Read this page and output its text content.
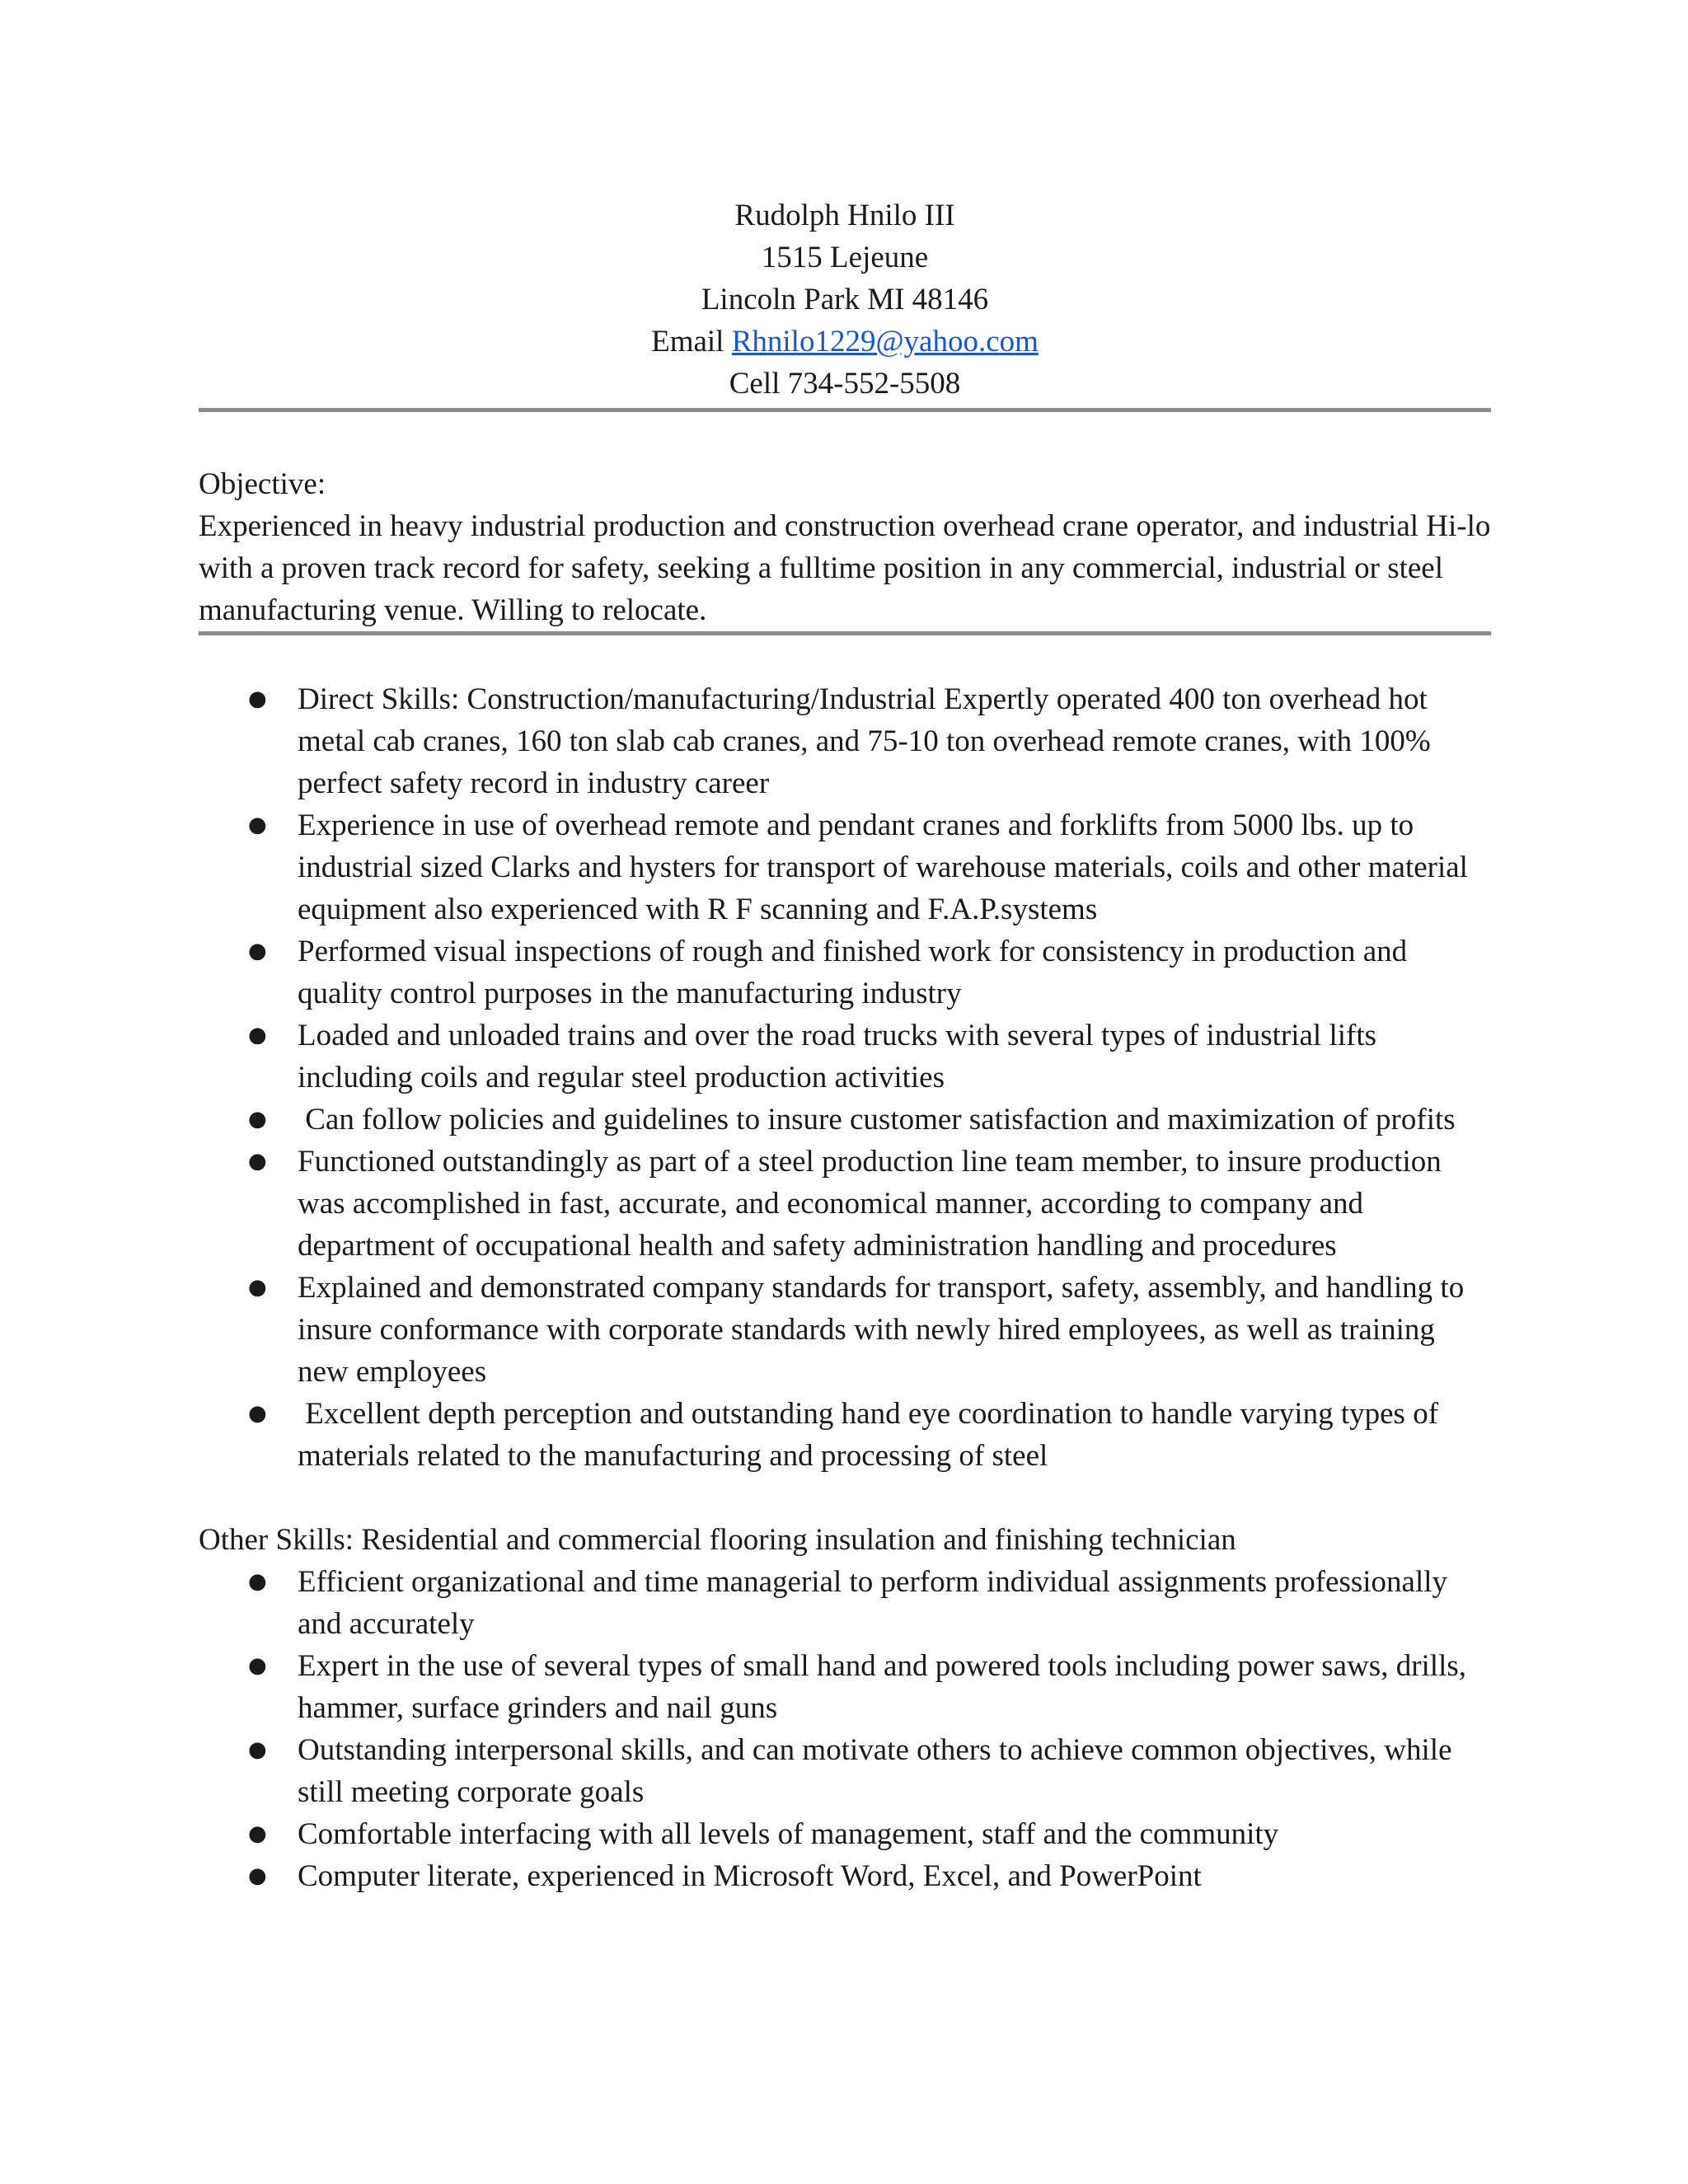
Rudolph Hnilo III
1515 Lejeune
Lincoln Park MI 48146
Email Rhnilo1229@yahoo.com
Cell 734-552-5508
Objective:
Experienced in heavy industrial production and construction overhead crane operator, and industrial Hi-lo with a proven track record for safety, seeking a fulltime position in any commercial, industrial or steel manufacturing venue. Willing to relocate.
● Direct Skills: Construction/manufacturing/Industrial Expertly operated 400 ton overhead hot metal cab cranes, 160 ton slab cab cranes, and 75-10 ton overhead remote cranes, with 100% perfect safety record in industry career
● Experience in use of overhead remote and pendant cranes and forklifts from 5000 lbs. up to industrial sized Clarks and hysters for transport of warehouse materials, coils and other material equipment also experienced with R F scanning and F.A.P.systems
● Performed visual inspections of rough and finished work for consistency in production and quality control purposes in the manufacturing industry
● Loaded and unloaded trains and over the road trucks with several types of industrial lifts including coils and regular steel production activities
● Can follow policies and guidelines to insure customer satisfaction and maximization of profits
● Functioned outstandingly as part of a steel production line team member, to insure production was accomplished in fast, accurate, and economical manner, according to company and department of occupational health and safety administration handling and procedures
● Explained and demonstrated company standards for transport, safety, assembly, and handling to insure conformance with corporate standards with newly hired employees, as well as training new employees
● Excellent depth perception and outstanding hand eye coordination to handle varying types of materials related to the manufacturing and processing of steel
Other Skills: Residential and commercial flooring insulation and finishing technician
● Efficient organizational and time managerial to perform individual assignments professionally and accurately
● Expert in the use of several types of small hand and powered tools including power saws, drills, hammer, surface grinders and nail guns
● Outstanding interpersonal skills, and can motivate others to achieve common objectives, while still meeting corporate goals
● Comfortable interfacing with all levels of management, staff and the community
● Computer literate, experienced in Microsoft Word, Excel, and PowerPoint
